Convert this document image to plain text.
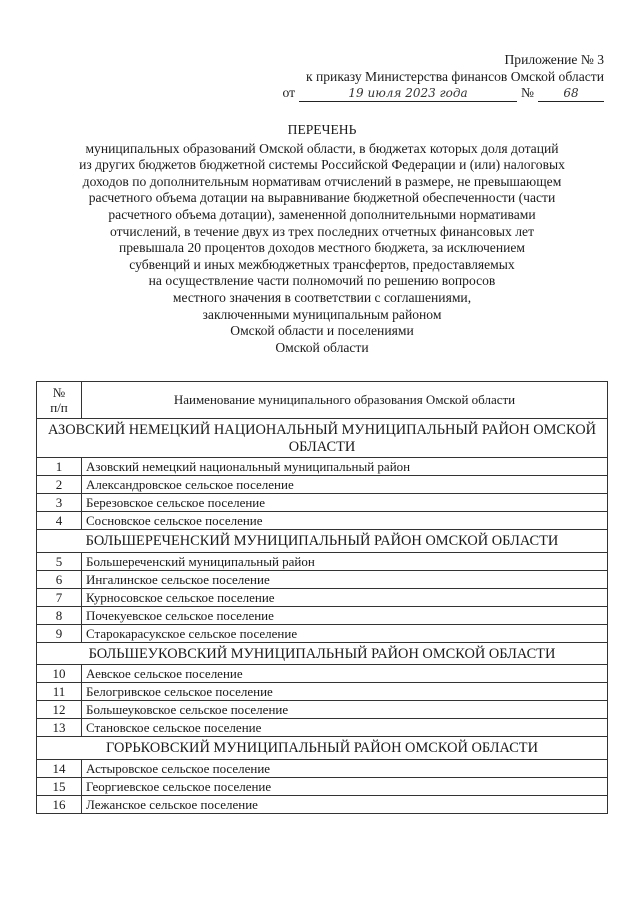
Приложение № 3
к приказу Министерства финансов Омской области
от	19 июля 2023 года	№	68
ПЕРЕЧЕНЬ
муниципальных образований Омской области, в бюджетах которых доля дотаций
из других бюджетов бюджетной системы Российской Федерации и (или) налоговых
доходов по дополнительным нормативам отчислений в размере, не превышающем
расчетного объема дотации на выравнивание бюджетной обеспеченности (части
расчетного объема дотации), замененной дополнительными нормативами
отчислений, в течение двух из трех последних отчетных финансовых лет
превышала 20 процентов доходов местного бюджета, за исключением
субвенций и иных межбюджетных трансфертов, предоставляемых
на осуществление части полномочий по решению вопросов
местного значения в соответствии с соглашениями,
заключенными муниципальным районом
Омской области и поселениями
Омской области
№
п/п	Наименование муниципального образования Омской области
АЗОВСКИЙ НЕМЕЦКИЙ НАЦИОНАЛЬНЫЙ МУНИЦИПАЛЬНЫЙ РАЙОН ОМСКОЙ ОБЛАСТИ	
1	Азовский немецкий национальный муниципальный район
2	Александровское сельское поселение
3	Березовское сельское поселение
4	Сосновское сельское поселение
БОЛЬШЕРЕЧЕНСКИЙ МУНИЦИПАЛЬНЫЙ РАЙОН ОМСКОЙ ОБЛАСТИ	
5	Большереченский муниципальный район
6	Ингалинское сельское поселение
7	Курносовское сельское поселение
8	Почекуевское сельское поселение
9	Старокарасукское сельское поселение
БОЛЬШЕУКОВСКИЙ МУНИЦИПАЛЬНЫЙ РАЙОН ОМСКОЙ ОБЛАСТИ	
10	Аевское сельское поселение
11	Белогривское сельское поселение
12	Большеуковское сельское поселение
13	Становское сельское поселение
ГОРЬКОВСКИЙ МУНИЦИПАЛЬНЫЙ РАЙОН ОМСКОЙ ОБЛАСТИ	
14	Астыровское сельское поселение
15	Георгиевское сельское поселение
16	Лежанское сельское поселение
